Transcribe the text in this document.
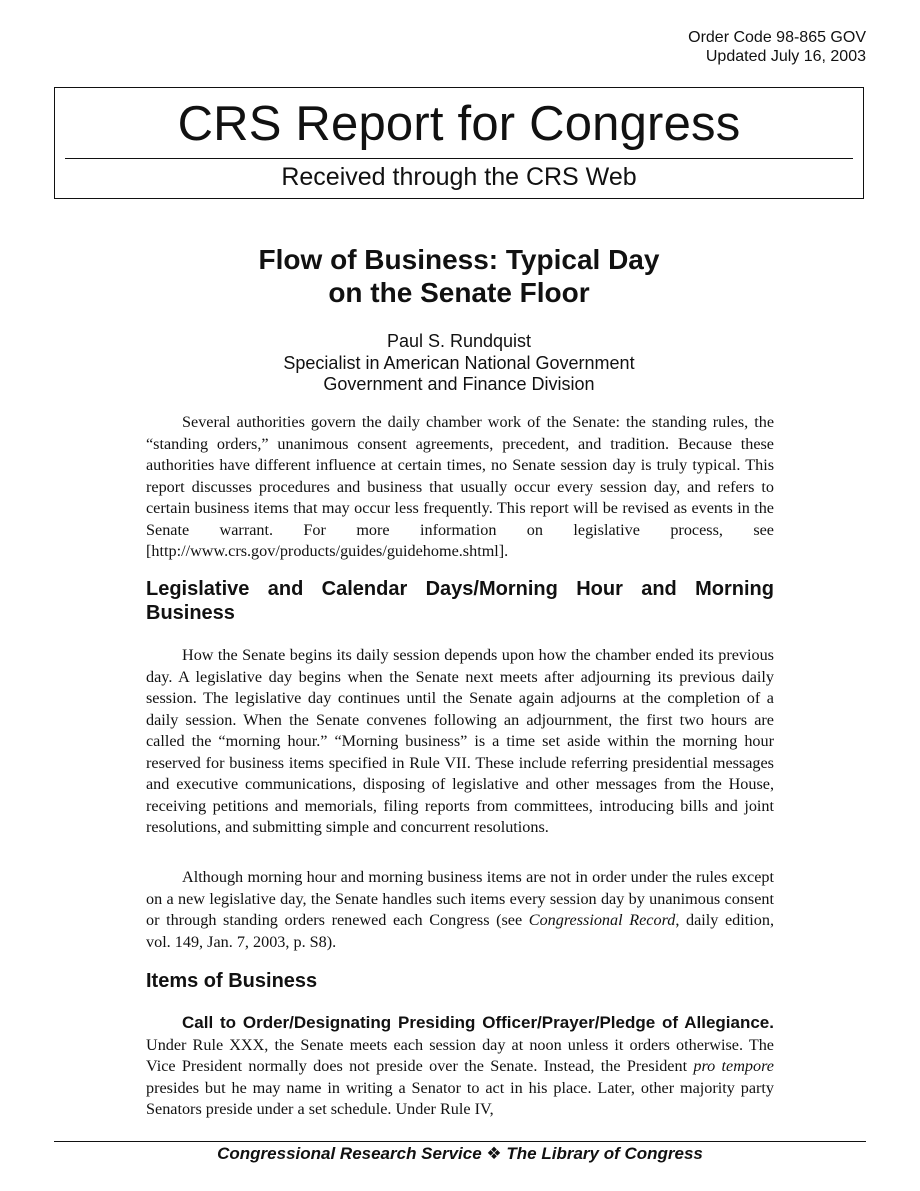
Order Code 98-865 GOV
Updated July 16, 2003
CRS Report for Congress
Received through the CRS Web
Flow of Business: Typical Day
on the Senate Floor
Paul S. Rundquist
Specialist in American National Government
Government and Finance Division

Several authorities govern the daily chamber work of the Senate: the standing rules, the “standing orders,” unanimous consent agreements, precedent, and tradition. Because these authorities have different influence at certain times, no Senate session day is truly typical. This report discusses procedures and business that usually occur every session day, and refers to certain business items that may occur less frequently. This report will be revised as events in the Senate warrant. For more information on legislative process, see [http://www.crs.gov/products/guides/guidehome.shtml].

Legislative and Calendar Days/Morning Hour and Morning Business

How the Senate begins its daily session depends upon how the chamber ended its previous day. A legislative day begins when the Senate next meets after adjourning its previous daily session. The legislative day continues until the Senate again adjourns at the completion of a daily session. When the Senate convenes following an adjournment, the first two hours are called the “morning hour.” “Morning business” is a time set aside within the morning hour reserved for business items specified in Rule VII. These include referring presidential messages and executive communications, disposing of legislative and other messages from the House, receiving petitions and memorials, filing reports from committees, introducing bills and joint resolutions, and submitting simple and concurrent resolutions.

Although morning hour and morning business items are not in order under the rules except on a new legislative day, the Senate handles such items every session day by unanimous consent or through standing orders renewed each Congress (see Congressional Record, daily edition, vol. 149, Jan. 7, 2003, p. S8).

Items of Business

Call to Order/Designating Presiding Officer/Prayer/Pledge of Allegiance. Under Rule XXX, the Senate meets each session day at noon unless it orders otherwise. The Vice President normally does not preside over the Senate. Instead, the President pro tempore presides but he may name in writing a Senator to act in his place. Later, other majority party Senators preside under a set schedule. Under Rule IV,

Congressional Research Service ❖ The Library of Congress
